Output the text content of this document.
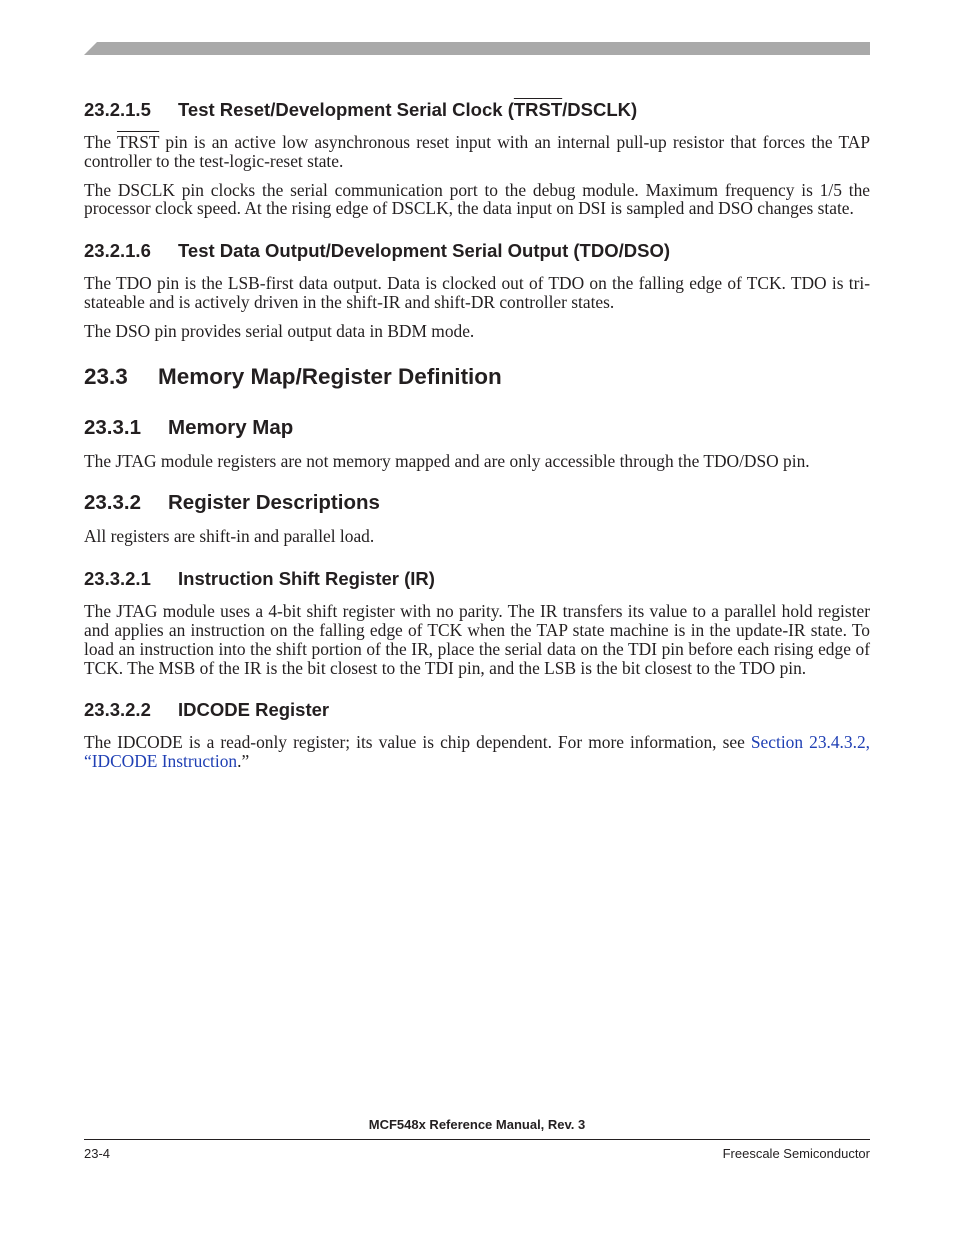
23.2.1.5 Test Reset/Development Serial Clock (TRST/DSCLK)

The TRST pin is an active low asynchronous reset input with an internal pull-up resistor that forces the TAP controller to the test-logic-reset state.

The DSCLK pin clocks the serial communication port to the debug module. Maximum frequency is 1/5 the processor clock speed. At the rising edge of DSCLK, the data input on DSI is sampled and DSO changes state.

23.2.1.6 Test Data Output/Development Serial Output (TDO/DSO)

The TDO pin is the LSB-first data output. Data is clocked out of TDO on the falling edge of TCK. TDO is tri-stateable and is actively driven in the shift-IR and shift-DR controller states.

The DSO pin provides serial output data in BDM mode.

23.3 Memory Map/Register Definition
23.3.1 Memory Map

The JTAG module registers are not memory mapped and are only accessible through the TDO/DSO pin.

23.3.2 Register Descriptions

All registers are shift-in and parallel load.

23.3.2.1 Instruction Shift Register (IR)

The JTAG module uses a 4-bit shift register with no parity. The IR transfers its value to a parallel hold register and applies an instruction on the falling edge of TCK when the TAP state machine is in the update-IR state. To load an instruction into the shift portion of the IR, place the serial data on the TDI pin before each rising edge of TCK. The MSB of the IR is the bit closest to the TDI pin, and the LSB is the bit closest to the TDO pin.

23.3.2.2 IDCODE Register

The IDCODE is a read-only register; its value is chip dependent. For more information, see Section 23.4.3.2, “IDCODE Instruction.”

MCF548x Reference Manual, Rev. 3
23-4	Freescale Semiconductor
